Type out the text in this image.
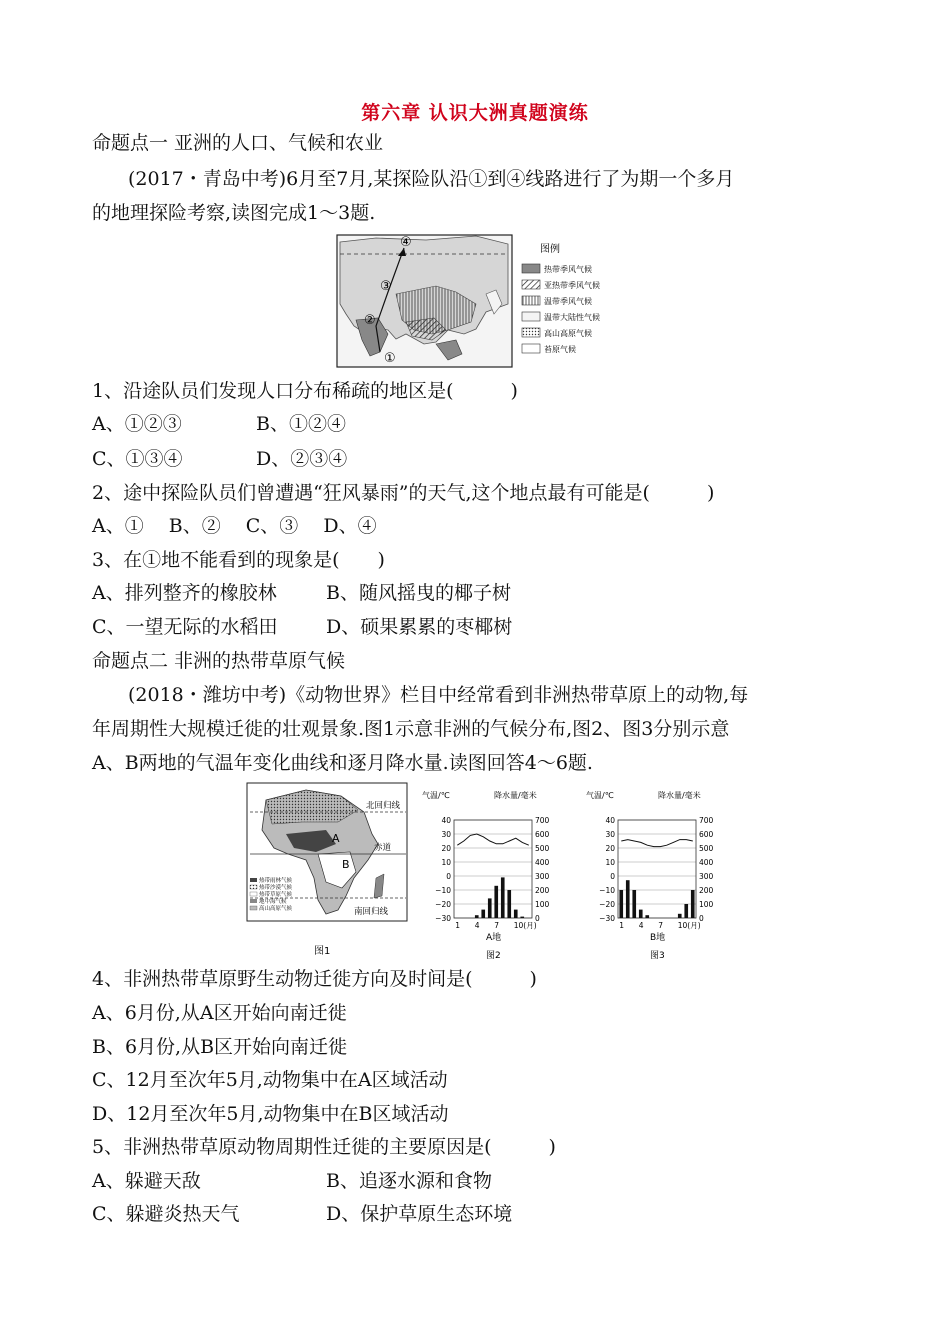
第六章 认识大洲真题演练
命题点一 亚洲的人口、气候和农业
(2017・青岛中考)6月至7月,某探险队沿①到④线路进行了为期一个多月
的地理探险考察,读图完成1～3题.
①
②
③
④	图例
热带季风气候
亚热带季风气候
温带季风气候
温带大陆性气候
高山高原气候
苔原气候
1、沿途队员们发现人口分布稀疏的地区是(　　　)
A、①②③	B、①②④
C、①③④	D、②③④
2、途中探险队员们曾遭遇“狂风暴雨”的天气,这个地点最有可能是(　　　)
A、①　 B、②　 C、③　 D、④
3、在①地不能看到的现象是(　　)
A、排列整齐的橡胶林	B、随风摇曳的椰子树
C、一望无际的水稻田	D、硕果累累的枣椰树
命题点二 非洲的热带草原气候
(2018・潍坊中考)《动物世界》栏目中经常看到非洲热带草原上的动物,每
年周期性大规模迁徙的壮观景象.图1示意非洲的气候分布,图2、图3分别示意
A、B两地的气温年变化曲线和逐月降水量.读图回答4～6题.
北回归线
赤道
南回归线
A
B
热带雨林气候
热带沙漠气候
热带草原气候
地中海气候
高山高原气候
图1
气温/℃	降水量/毫米
40	700
30	600
20	500
10	400
0	300
−10	200
−20	100
−30	0
1 4 7 10(月)
A地
图2
气温/℃	降水量/毫米
40	700
30	600
20	500
10	400
0	300
−10	200
−20	100
−30	0
1 4 7 10(月)
B地
图3
4、非洲热带草原野生动物迁徙方向及时间是(　　　)
A、6月份,从A区开始向南迁徙
B、6月份,从B区开始向南迁徙
C、12月至次年5月,动物集中在A区域活动
D、12月至次年5月,动物集中在B区域活动
5、非洲热带草原动物周期性迁徙的主要原因是(　　　)
A、躲避天敌	B、追逐水源和食物
C、躲避炎热天气	D、保护草原生态环境
